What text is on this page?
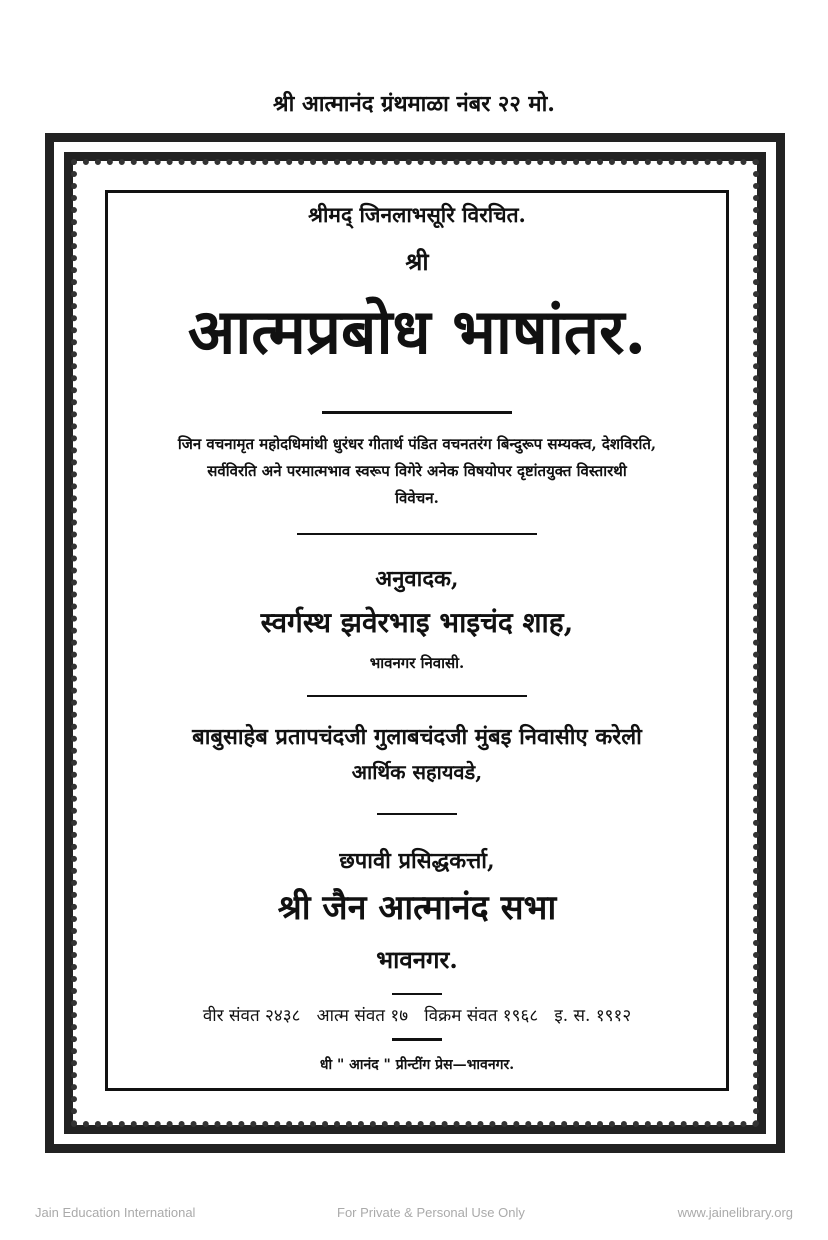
श्री आत्मानंद ग्रंथमाळा नंबर २२ मो.
श्रीमद् जिनलाभसूरि विरचित.
श्री
आत्मप्रबोध भाषांतर.
जिन वचनामृत महोदधिमांथी धुरंधर गीतार्थ पंडित वचनतरंग बिन्दुरूप सम्यक्त्व, देशविरति,
सर्वविरति अने परमात्मभाव स्वरूप विगेरे अनेक विषयोपर दृष्टांतयुक्त विस्तारथी
विवेचन.
अनुवादक,
स्वर्गस्थ झवेरभाइ भाइचंद शाह,
भावनगर निवासी.
बाबुसाहेब प्रतापचंदजी गुलाबचंदजी मुंबइ निवासीए करेली
आर्थिक सहायवडे,
छपावी प्रसिद्धकर्त्ता,
श्री जैन आत्मानंद सभा
भावनगर.
वीर संवत २४३८   आत्म संवत १७   विक्रम संवत १९६८   इ. स. १९१२
धी " आनंद " प्रीन्टींग प्रेस—भावनगर.
Jain Education International	For Private & Personal Use Only	www.jainelibrary.org
